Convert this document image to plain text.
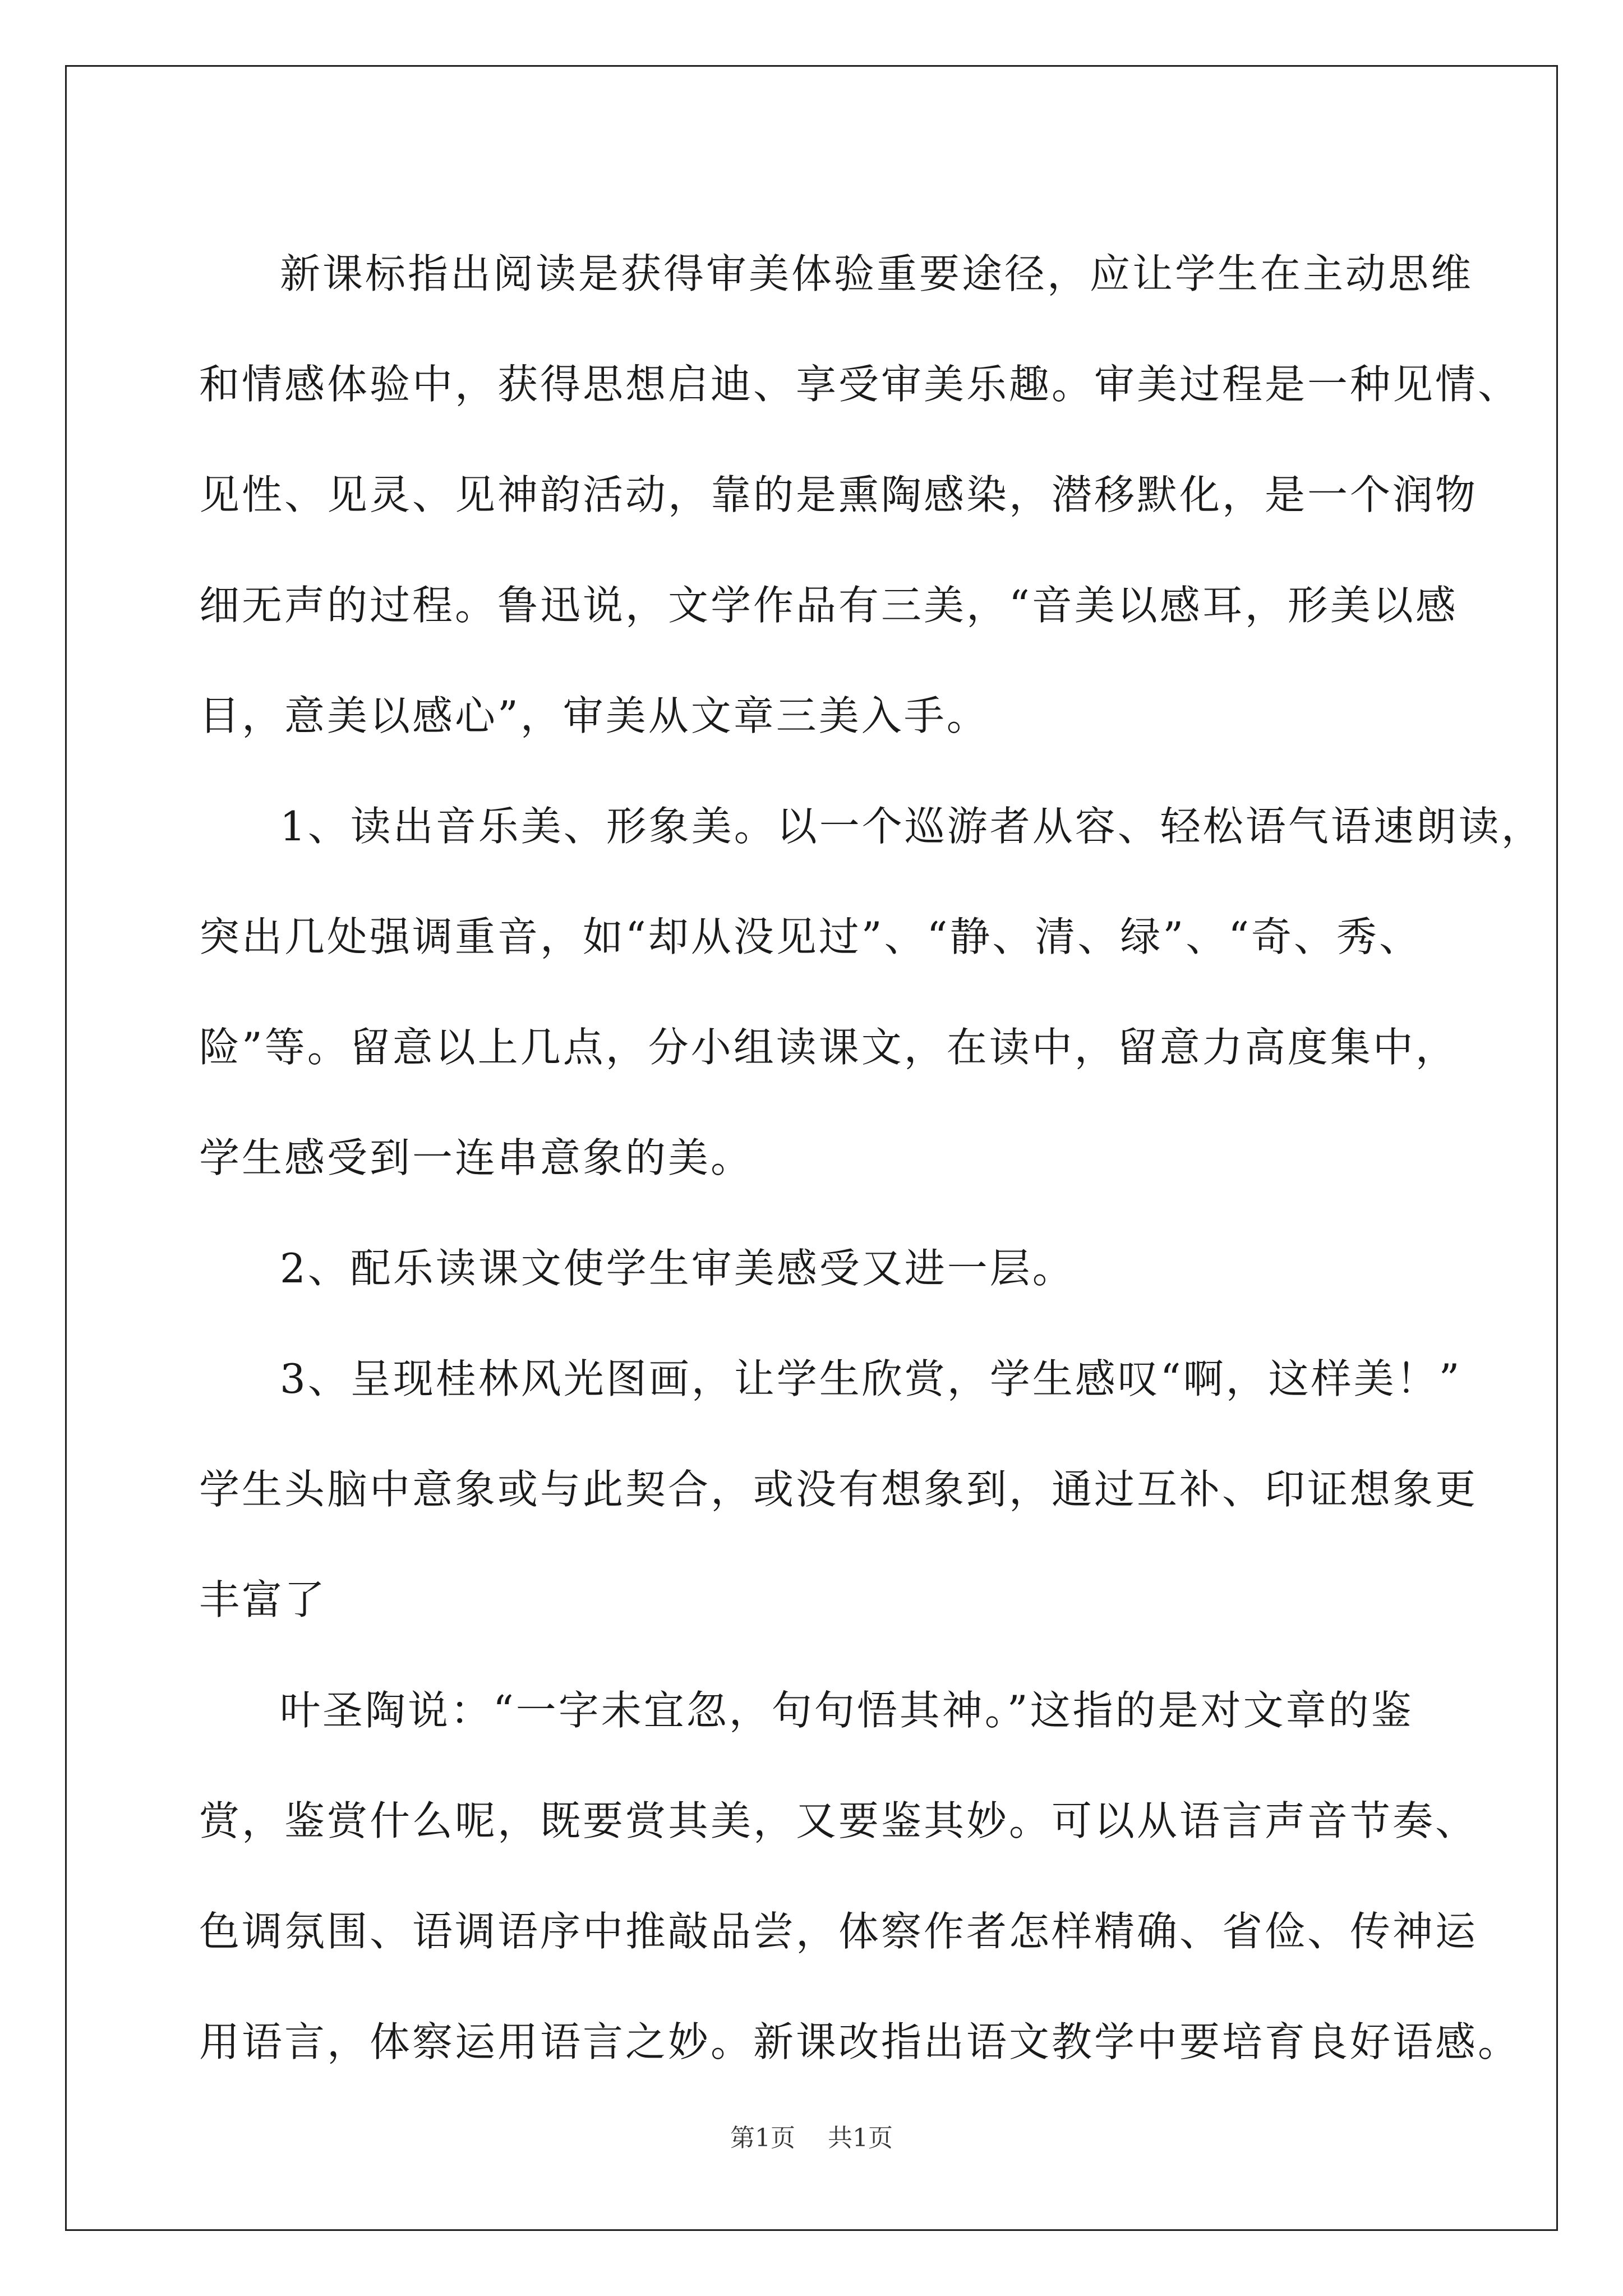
新课标指出阅读是获得审美体验重要途径，应让学生在主动思维
和情感体验中，获得思想启迪、享受审美乐趣。审美过程是一种见情、
见性、见灵、见神韵活动，靠的是熏陶感染，潜移默化，是一个润物
细无声的过程。鲁迅说，文学作品有三美，“音美以感耳，形美以感
目，意美以感心”，审美从文章三美入手。
1、读出音乐美、形象美。以一个巡游者从容、轻松语气语速朗读，
突出几处强调重音，如“却从没见过”、“静、清、绿”、“奇、秀、
险”等。留意以上几点，分小组读课文，在读中，留意力高度集中，
学生感受到一连串意象的美。
2、配乐读课文使学生审美感受又进一层。
3、呈现桂林风光图画，让学生欣赏，学生感叹“啊，这样美！”
学生头脑中意象或与此契合，或没有想象到，通过互补、印证想象更
丰富了
叶圣陶说：“一字未宜忽，句句悟其神。”这指的是对文章的鉴
赏，鉴赏什么呢，既要赏其美，又要鉴其妙。可以从语言声音节奏、
色调氛围、语调语序中推敲品尝，体察作者怎样精确、省俭、传神运
用语言，体察运用语言之妙。新课改指出语文教学中要培育良好语感。
第1页 共1页
